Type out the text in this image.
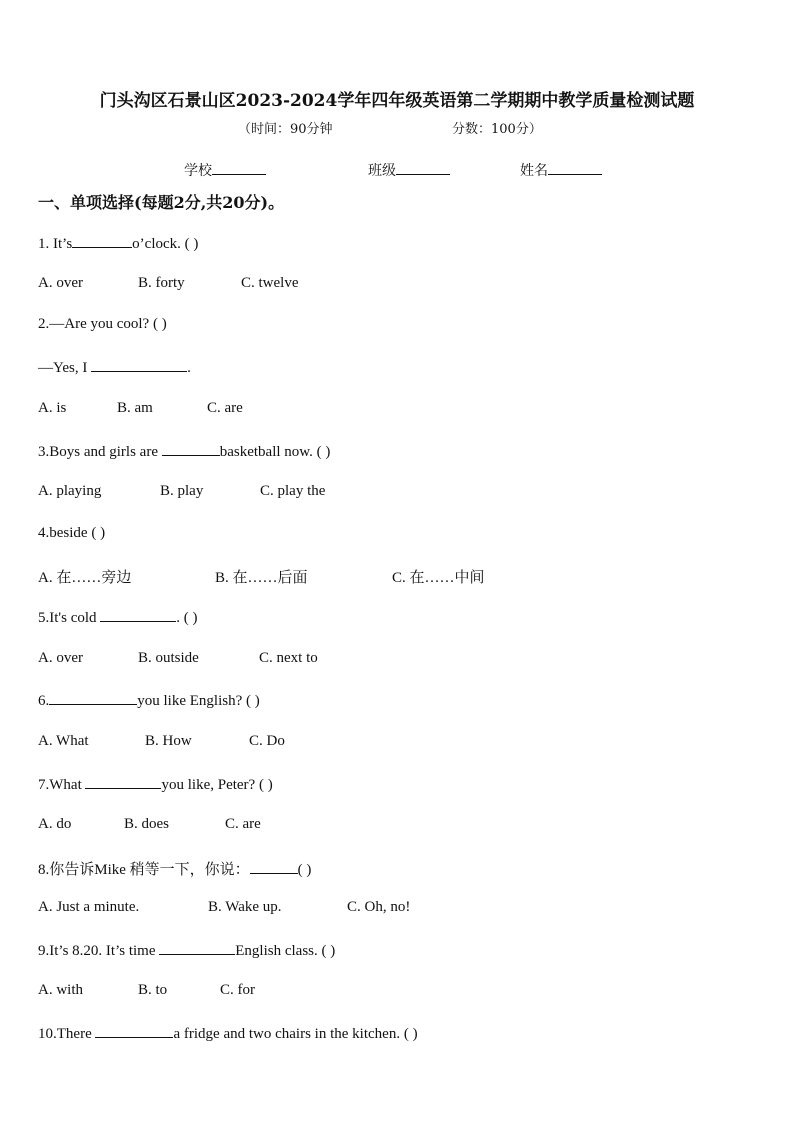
门头沟区石景山区2023-2024学年四年级英语第二学期期中教学质量检测试题
（时间：90分钟	分数：100分）
学校	班级	姓名
一、单项选择(每题2分,共20分)。
1. It’s	o’clock. ( )
A. over	B. forty	C. twelve
2.—Are you cool? ( )
—Yes, I	.
A. is	B. am	C. are
3.Boys and girls are	basketball now. ( )
A. playing	B. play	C. play the
4.beside ( )
A. 在……旁边	B. 在……后面	C. 在……中间
5.It's cold	. ( )
A. over	B. outside	C. next to
6.	you like English? ( )
A. What	B. How	C. Do
7.What	you like, Peter? ( )
A. do	B. does	C. are
8.你告诉Mike 稍等一下，你说：	( )
A. Just a minute.	B. Wake up.	C. Oh, no!
9.It’s 8.20. It’s time	English class. ( )
A. with	B. to	C. for
10.There	a fridge and two chairs in the kitchen. ( )
